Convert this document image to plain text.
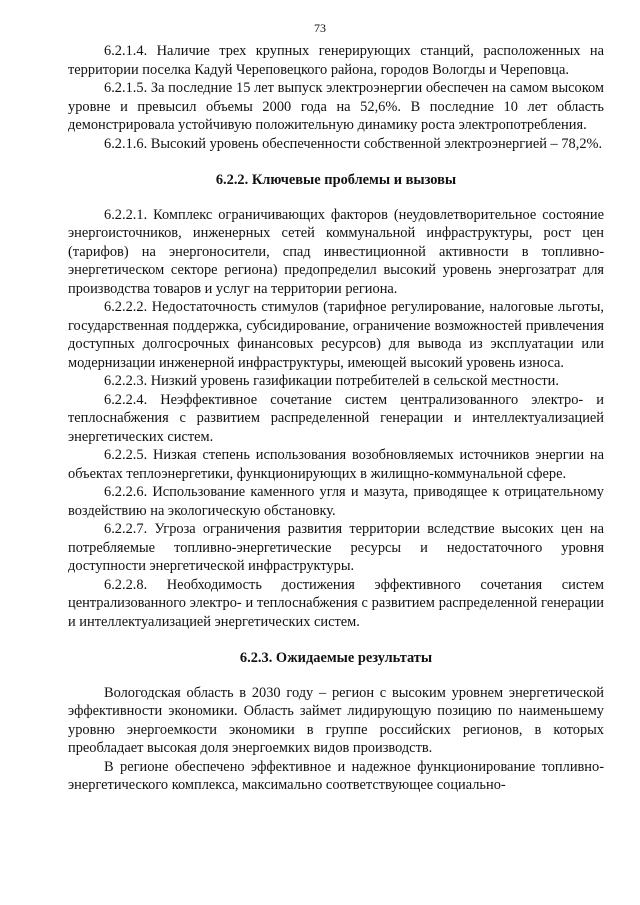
73

6.2.1.4. Наличие трех крупных генерирующих станций, расположенных на территории поселка Кадуй Череповецкого района, городов Вологды и Череповца.

6.2.1.5. За последние 15 лет выпуск электроэнергии обеспечен на самом высоком уровне и превысил объемы 2000 года на 52,6%. В последние 10 лет область демонстрировала устойчивую положительную динамику роста электропотребления.

6.2.1.6. Высокий уровень обеспеченности собственной электроэнергией – 78,2%.

6.2.2. Ключевые проблемы и вызовы

6.2.2.1. Комплекс ограничивающих факторов (неудовлетворительное состояние энергоисточников, инженерных сетей коммунальной инфраструктуры, рост цен (тарифов) на энергоносители, спад инвестиционной активности в топливно-энергетическом секторе региона) предопределил высокий уровень энергозатрат для производства товаров и услуг на территории региона.

6.2.2.2. Недостаточность стимулов (тарифное регулирование, налоговые льготы, государственная поддержка, субсидирование, ограничение возможностей привлечения доступных долгосрочных финансовых ресурсов) для вывода из эксплуатации или модернизации инженерной инфраструктуры, имеющей высокий уровень износа.

6.2.2.3. Низкий уровень газификации потребителей в сельской местности.

6.2.2.4. Неэффективное сочетание систем централизованного электро- и теплоснабжения с развитием распределенной генерации и интеллектуализацией энергетических систем.

6.2.2.5. Низкая степень использования возобновляемых источников энергии на объектах теплоэнергетики, функционирующих в жилищно-коммунальной сфере.

6.2.2.6. Использование каменного угля и мазута, приводящее к отрицательному воздействию на экологическую обстановку.

6.2.2.7. Угроза ограничения развития территории вследствие высоких цен на потребляемые топливно-энергетические ресурсы и недостаточного уровня доступности энергетической инфраструктуры.

6.2.2.8. Необходимость достижения эффективного сочетания систем централизованного электро- и теплоснабжения с развитием распределенной генерации и интеллектуализацией энергетических систем.

6.2.3. Ожидаемые результаты

Вологодская область в 2030 году – регион с высоким уровнем энергетической эффективности экономики. Область займет лидирующую позицию по наименьшему уровню энергоемкости экономики в группе российских регионов, в которых преобладает высокая доля энергоемких видов производств.

В регионе обеспечено эффективное и надежное функционирование топливно-энергетического комплекса, максимально соответствующее социально-
